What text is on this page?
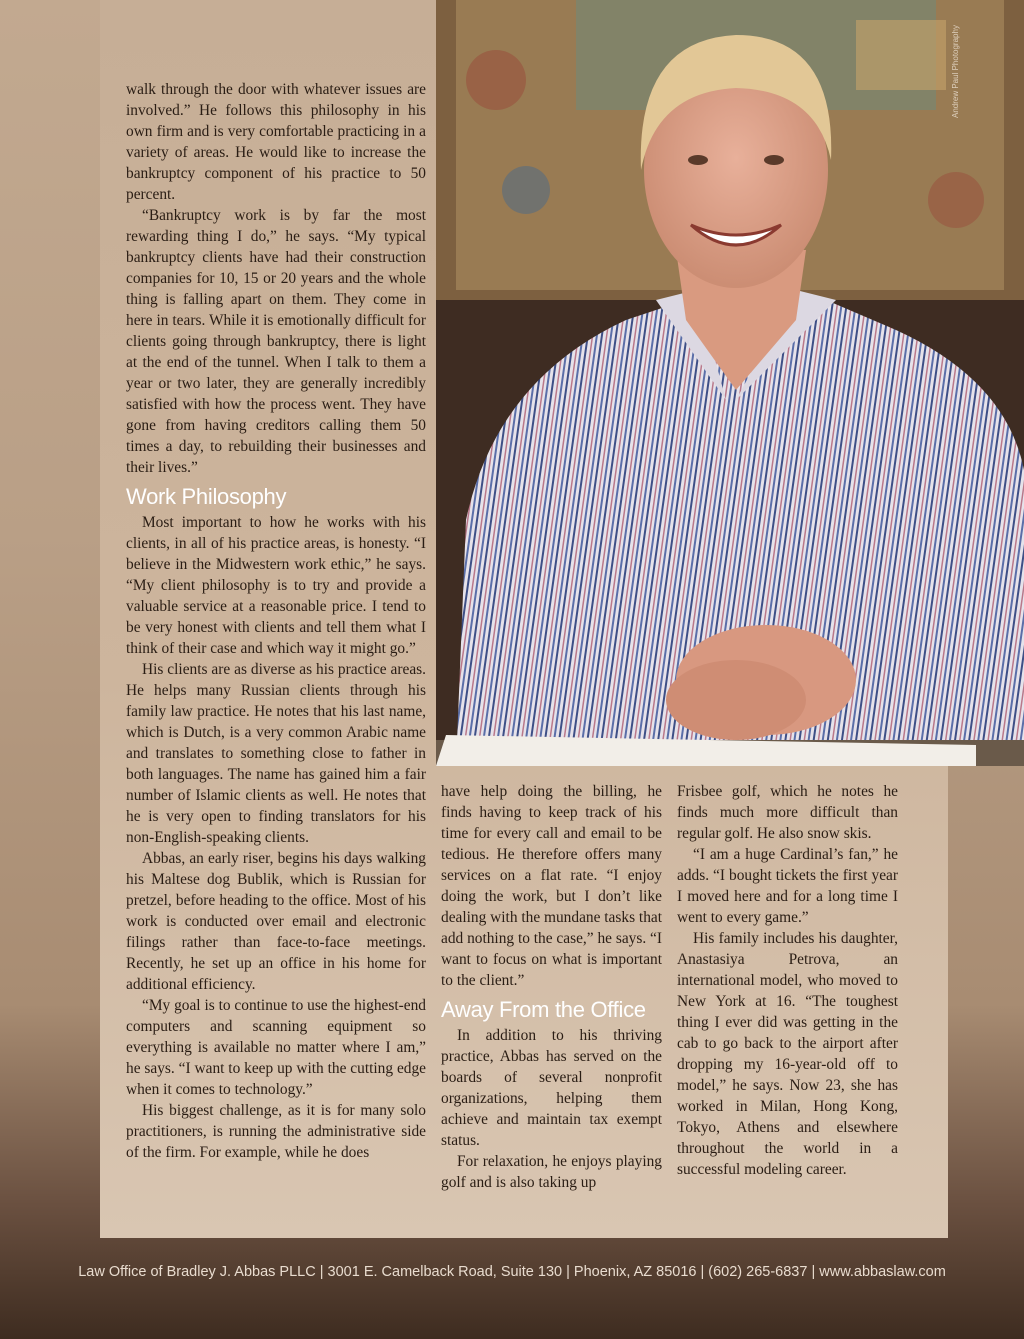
Andrew Paul Photography

walk through the door with whatever issues are involved.” He follows this philosophy in his own firm and is very comfortable practicing in a variety of areas. He would like to increase the bankruptcy component of his practice to 50 percent.

“Bankruptcy work is by far the most rewarding thing I do,” he says. “My typical bankruptcy clients have had their construction companies for 10, 15 or 20 years and the whole thing is falling apart on them. They come in here in tears. While it is emotionally difficult for clients going through bankruptcy, there is light at the end of the tunnel. When I talk to them a year or two later, they are generally incredibly satisfied with how the process went. They have gone from having creditors calling them 50 times a day, to rebuilding their businesses and their lives.”

Work Philosophy

Most important to how he works with his clients, in all of his practice areas, is honesty. “I believe in the Midwestern work ethic,” he says. “My client philosophy is to try and provide a valuable service at a reasonable price. I tend to be very honest with clients and tell them what I think of their case and which way it might go.”

His clients are as diverse as his practice areas. He helps many Russian clients through his family law practice. He notes that his last name, which is Dutch, is a very common Arabic name and translates to something close to father in both languages. The name has gained him a fair number of Islamic clients as well. He notes that he is very open to finding translators for his non-English-speaking clients.

Abbas, an early riser, begins his days walking his Maltese dog Bublik, which is Russian for pretzel, before heading to the office. Most of his work is conducted over email and electronic filings rather than face-to-face meetings. Recently, he set up an office in his home for additional efficiency.

“My goal is to continue to use the highest-end computers and scanning equipment so everything is available no matter where I am,” he says. “I want to keep up with the cutting edge when it comes to technology.”

His biggest challenge, as it is for many solo practitioners, is running the administrative side of the firm. For example, while he does

have help doing the billing, he finds having to keep track of his time for every call and email to be tedious. He therefore offers many services on a flat rate. “I enjoy doing the work, but I don’t like dealing with the mundane tasks that add nothing to the case,” he says. “I want to focus on what is important to the client.”

Away From the Office

In addition to his thriving practice, Abbas has served on the boards of several nonprofit organizations, helping them achieve and maintain tax exempt status.

For relaxation, he enjoys playing golf and is also taking up

Frisbee golf, which he notes he finds much more difficult than regular golf. He also snow skis.

“I am a huge Cardinal’s fan,” he adds. “I bought tickets the first year I moved here and for a long time I went to every game.”

His family includes his daughter, Anastasiya Petrova, an international model, who moved to New York at 16. “The toughest thing I ever did was getting in the cab to go back to the airport after dropping my 16-year-old off to model,” he says. Now 23, she has worked in Milan, Hong Kong, Tokyo, Athens and elsewhere throughout the world in a successful modeling career.

Law Office of Bradley J. Abbas PLLC | 3001 E. Camelback Road, Suite 130 | Phoenix, AZ 85016 | (602) 265-6837 | www.abbaslaw.com
